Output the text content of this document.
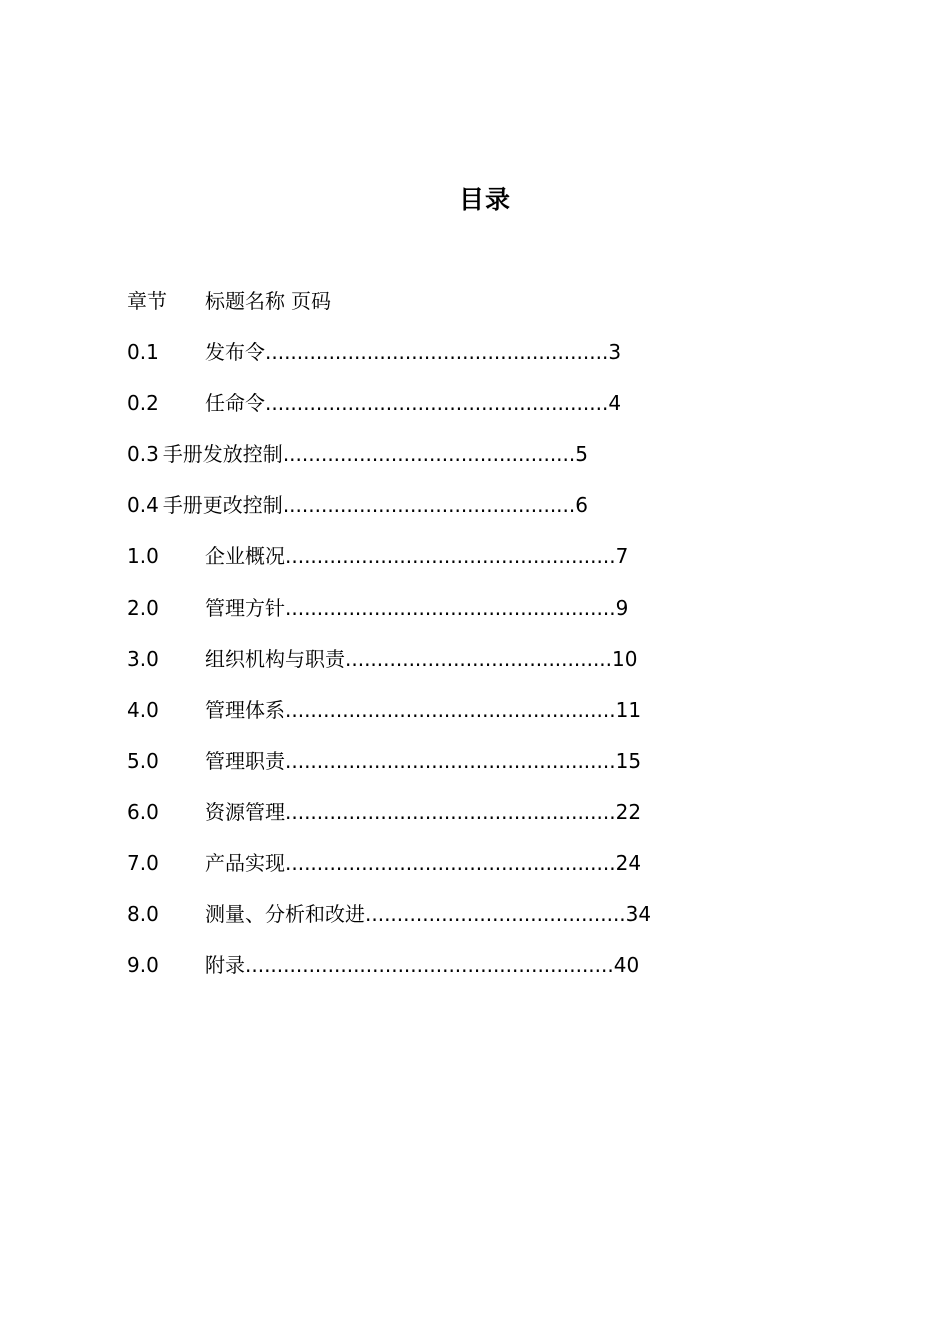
目录
章节 标题名称 页码
0.1 发布令......................................................3
0.2 任命令......................................................4
0.3 手册发放控制..............................................5
0.4 手册更改控制..............................................6
1.0 企业概况....................................................7
2.0 管理方针....................................................9
3.0 组织机构与职责..........................................10
4.0 管理体系....................................................11
5.0 管理职责....................................................15
6.0 资源管理....................................................22
7.0 产品实现....................................................24
8.0 测量、分析和改进.........................................34
9.0 附录..........................................................40
